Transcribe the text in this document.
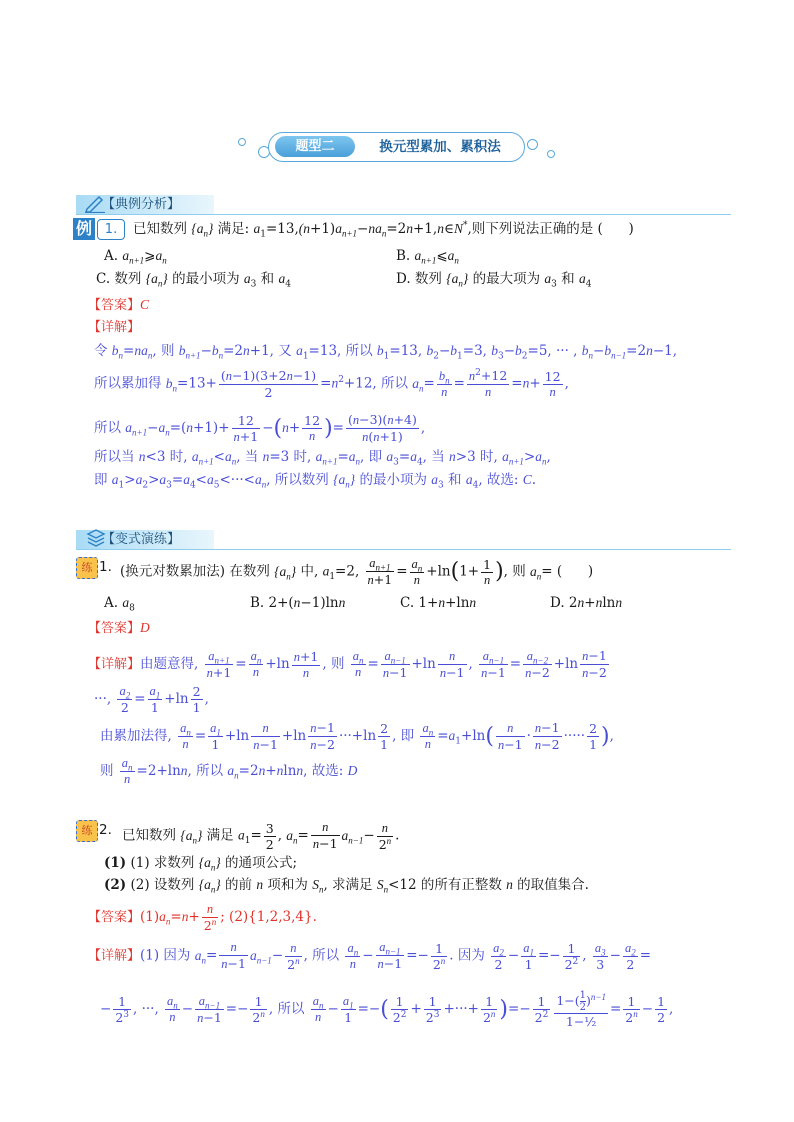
题型二	换元型累加、累积法
【典例分析】
例 1.	已知数列 $\{a_n\}$ 满足: $a_1=13,(n+1)a_{n+1}-na_n=2n+1,n\in N^*$,则下列说法正确的是 (      )
A. $a_{n+1}⩾a_n$	B. $a_{n+1}⩽a_n$
C. 数列 $\{a_n\}$ 的最小项为 $a_3$ 和 $a_4$	D. 数列 $\{a_n\}$ 的最大项为 $a_3$ 和 $a_4$
【答案】C
【详解】
令 $b_n=na_n$, 则 $b_{n+1}-b_n=2n+1$, 又 $a_1=13$, 所以 $b_1=13$, $b_2-b_1=3$, $b_3-b_2=5$, ··· , $b_n-b_{n-1}=2n-1$,
所以累加得 $b_n=13+ \frac{(n-1)(3+2n-1)}{2} =n^2+12$, 所以 $a_n= \frac{b_n}{n} = \frac{n^2+12}{n} =n+ \frac{12}{n}$ ,
所以 $a_{n+1}-a_n=(n+1)+ \frac{12}{n+1} -(n+ \frac{12}{n}$ )= $\frac{(n-3)(n+4)}{n(n+1)}$ ,
所以当 n<3 时, $a_{n+1}<a_n$, 当 n=3 时, $a_{n+1}=a_n$, 即 $a_3=a_4$, 当 n>3 时, $a_{n+1}>a_n$,
即 $a_1>a_2>a_3=a_4<a_5<\cdot\cdot\cdot<a_n$, 所以数列 $\{a_n\}$ 的最小项为 $a_3$ 和 $a_4$, 故选: C.
【变式演练】
练 1. (换元对数累加法) 在数列 $\{a_n\}$ 中, $a_1=2$, $\frac{a_{n+1}}{n+1} = \frac{a_n}{n} +\ln(1+ \frac{1}{n}$ ), 则 $a_n=$ (      )
A. $a_8$	B. 2+(n−1)lnn	C. 1+n+lnn	D. 2n+nlnn
【答案】D
【详解】由题意得, $\frac{a_{n+1}}{n+1} = \frac{a_n}{n} +\ln \frac{n+1}{n}$ , 则 $\frac{a_n}{n} = \frac{a_{n-1}}{n-1} +\ln \frac{n}{n-1}$ , $\frac{a_{n-1}}{n-1} = \frac{a_{n-2}}{n-2} +\ln \frac{n-1}{n-2}$
···, $\frac{a_2}{2} = \frac{a_1}{1} +\ln \frac{2}{1}$ ,
由累加法得, $\frac{a_n}{n} = \frac{a_1}{1} +\ln \frac{n}{n-1} +\ln \frac{n-1}{n-2} \cdot\cdot\cdot+\ln \frac{2}{1}$ , 即 $\frac{a_n}{n} =a_1+\ln( \frac{n}{n-1} \cdot \frac{n-1}{n-2}$ ····· $\frac{2}{1}$ ),
则 $\frac{a_n}{n} =2+\ln n$, 所以 $a_n=2n+nlnn$, 故选: D
练 2. 已知数列 $\{a_n\}$ 满足 $a_1= \frac{3}{2}$ , $a_n= \frac{n}{n-1} a_{n-1}- \frac{n}{2^n}$ .
(1) (1) 求数列 $\{a_n\}$ 的通项公式;
(2) (2) 设数列 $\{a_n\}$ 的前 n 项和为 $S_n$, 求满足 $S_n<12$ 的所有正整数 n 的取值集合.
【答案】$(1)a_n=n+ \frac{n}{2^n}$ ; (2){1,2,3,4}.
【详解】(1) 因为 $a_n= \frac{n}{n-1} a_{n-1}- \frac{n}{2^n}$ , 所以 $\frac{a_n}{n} - \frac{a_{n-1}}{n-1} =- \frac{1}{2^n}$ . 因为 $\frac{a_2}{2} - \frac{a_1}{1} =- \frac{1}{2^2}$ , $\frac{a_3}{3} - \frac{a_2}{2}$ =
− $\frac{1}{2^3}$ , ···, $\frac{a_n}{n} - \frac{a_{n-1}}{n-1} =- \frac{1}{2^n}$ , 所以 $\frac{a_n}{n} - \frac{a_1}{1}$ =−( $\frac{1}{2^2} + \frac{1}{2^3}$ +···+ $\frac{1}{2^n}$ )=− $\frac{1}{2^2} \frac{1-( \frac{1}{2} )^{n-1}}{\text{1−½}} = \frac{1}{2^n} - \frac{1}{2}$ ,
